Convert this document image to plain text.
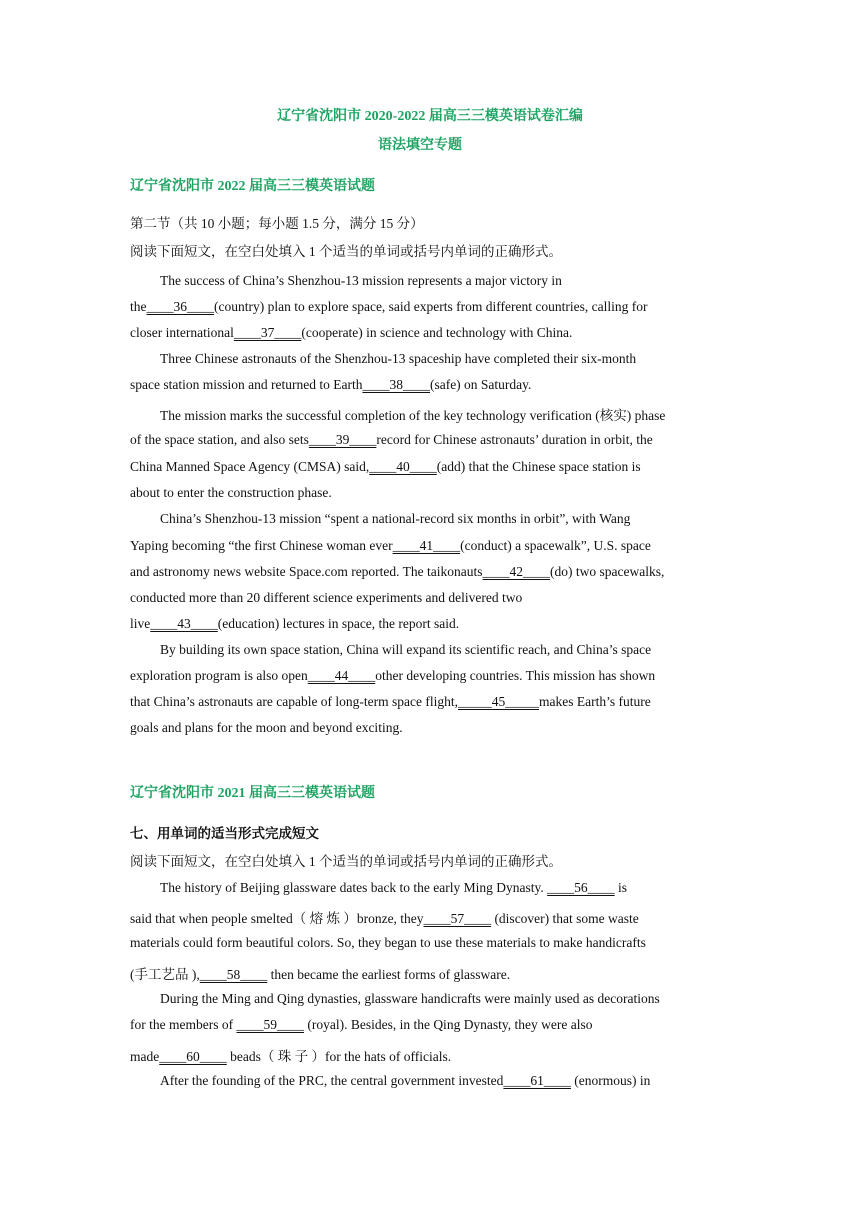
辽宁省沈阳市 2020-2022 届高三三模英语试卷汇编
语法填空专题
辽宁省沈阳市 2022 届高三三模英语试题
第二节（共 10 小题；每小题 1.5 分，满分 15 分）
阅读下面短文，在空白处填入 1 个适当的单词或括号内单词的正确形式。
The success of China’s Shenzhou-13 mission represents a major victory in
the____36____(country) plan to explore space, said experts from different countries, calling for
closer international____37____(cooperate) in science and technology with China.
Three Chinese astronauts of the Shenzhou-13 spaceship have completed their six-month
space station mission and returned to Earth____38____(safe) on Saturday.
The mission marks the successful completion of the key technology verification (核实) phase
of the space station, and also sets____39____record for Chinese astronauts’ duration in orbit, the
China Manned Space Agency (CMSA) said,____40____(add) that the Chinese space station is
about to enter the construction phase.
China’s Shenzhou-13 mission “spent a national-record six months in orbit”, with Wang
Yaping becoming “the first Chinese woman ever____41____(conduct) a spacewalk”, U.S. space
and astronomy news website Space.com reported. The taikonauts____42____(do) two spacewalks,
conducted more than 20 different science experiments and delivered two
live____43____(education) lectures in space, the report said.
By building its own space station, China will expand its scientific reach, and China’s space
exploration program is also open____44____other developing countries. This mission has shown
that China’s astronauts are capable of long-term space flight,_____45_____makes Earth’s future
goals and plans for the moon and beyond exciting.
辽宁省沈阳市 2021 届高三三模英语试题
七、用单词的适当形式完成短文
阅读下面短文，在空白处填入 1 个适当的单词或括号内单词的正确形式。
The history of Beijing glassware dates back to the early Ming Dynasty. ____56____ is
said that when people smelted（ 熔 炼 ）bronze, they____57____ (discover) that some waste
materials could form beautiful colors. So, they began to use these materials to make handicrafts
(手工艺品 ),____58____ then became the earliest forms of glassware.
During the Ming and Qing dynasties, glassware handicrafts were mainly used as decorations
for the members of ____59____ (royal). Besides, in the Qing Dynasty, they were also
made____60____ beads（ 珠 子 ）for the hats of officials.
After the founding of the PRC, the central government invested____61____ (enormous) in
